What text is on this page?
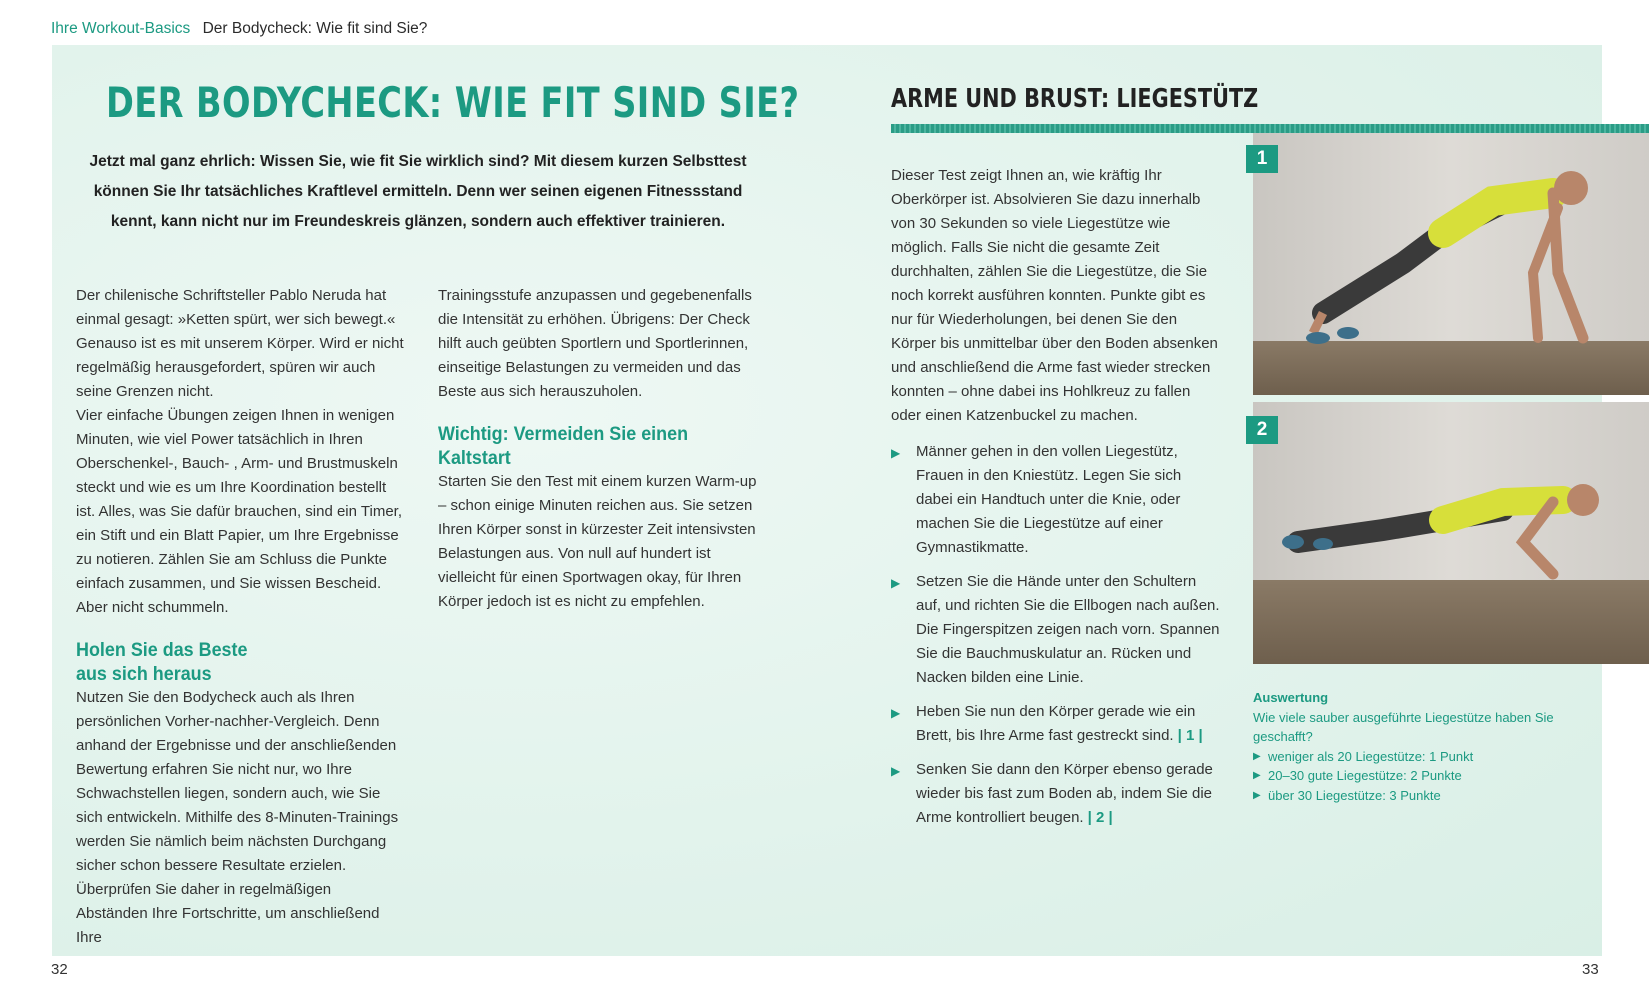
Ihre Workout-Basics Der Bodycheck: Wie fit sind Sie?
DER BODYCHECK: WIE FIT SIND SIE?

Jetzt mal ganz ehrlich: Wissen Sie, wie fit Sie wirklich sind? Mit diesem kurzen Selbsttest können Sie Ihr tatsächliches Kraftlevel ermitteln. Denn wer seinen eigenen Fitnessstand kennt, kann nicht nur im Freundeskreis glänzen, sondern auch effektiver trainieren.

Der chilenische Schriftsteller Pablo Neruda hat einmal gesagt: »Ketten spürt, wer sich bewegt.« Genauso ist es mit unserem Körper. Wird er nicht regelmäßig herausgefordert, spüren wir auch seine Grenzen nicht.

Vier einfache Übungen zeigen Ihnen in wenigen Minuten, wie viel Power tatsächlich in Ihren Oberschenkel-, Bauch- , Arm- und Brustmuskeln steckt und wie es um Ihre Koordination bestellt ist. Alles, was Sie dafür brauchen, sind ein Timer, ein Stift und ein Blatt Papier, um Ihre Ergebnisse zu notieren. Zählen Sie am Schluss die Punkte einfach zusammen, und Sie wissen Bescheid. Aber nicht schummeln.

Holen Sie das Beste
aus sich heraus

Nutzen Sie den Bodycheck auch als Ihren persönlichen Vorher-nachher-Vergleich. Denn anhand der Ergebnisse und der anschließenden Bewertung erfahren Sie nicht nur, wo Ihre Schwachstellen liegen, sondern auch, wie Sie sich entwickeln. Mithilfe des 8-Minuten-Trainings werden Sie nämlich beim nächsten Durchgang sicher schon bessere Resultate erzielen. Überprüfen Sie daher in regelmäßigen Abständen Ihre Fortschritte, um anschließend Ihre

Trainingsstufe anzupassen und gegebenenfalls die Intensität zu erhöhen. Übrigens: Der Check hilft auch geübten Sportlern und Sportlerinnen, einseitige Belastungen zu vermeiden und das Beste aus sich herauszuholen.

Wichtig: Vermeiden Sie einen
Kaltstart

Starten Sie den Test mit einem kurzen Warm-up – schon einige Minuten reichen aus. Sie setzen Ihren Körper sonst in kürzester Zeit intensivsten Belastungen aus. Von null auf hundert ist vielleicht für einen Sportwagen okay, für Ihren Körper jedoch ist es nicht zu empfehlen.

ARME UND BRUST: LIEGESTÜTZ

Dieser Test zeigt Ihnen an, wie kräftig Ihr Oberkörper ist. Absolvieren Sie dazu innerhalb von 30 Sekunden so viele Liegestütze wie möglich. Falls Sie nicht die gesamte Zeit durchhalten, zählen Sie die Liegestütze, die Sie noch korrekt ausführen konnten. Punkte gibt es nur für Wiederholungen, bei denen Sie den Körper bis unmittelbar über den Boden absenken und anschließend die Arme fast wieder strecken konnten – ohne dabei ins Hohlkreuz zu fallen oder einen Katzenbuckel zu machen.

▶ Männer gehen in den vollen Liegestütz, Frauen in den Kniestütz. Legen Sie sich dabei ein Handtuch unter die Knie, oder machen Sie die Liegestütze auf einer Gymnastikmatte.
▶ Setzen Sie die Hände unter den Schultern auf, und richten Sie die Ellbogen nach außen. Die Fingerspitzen zeigen nach vorn. Spannen Sie die Bauchmuskulatur an. Rücken und Nacken bilden eine Linie.
▶ Heben Sie nun den Körper gerade wie ein Brett, bis Ihre Arme fast gestreckt sind. | 1 |
▶ Senken Sie dann den Körper ebenso gerade wieder bis fast zum Boden ab, indem Sie die Arme kontrolliert beugen. | 2 |
1
2
Auswertung
Wie viele sauber ausgeführte Liegestütze haben Sie geschafft?
▶ weniger als 20 Liegestütze: 1 Punkt
▶ 20–30 gute Liegestütze: 2 Punkte
▶ über 30 Liegestütze: 3 Punkte
32	33
